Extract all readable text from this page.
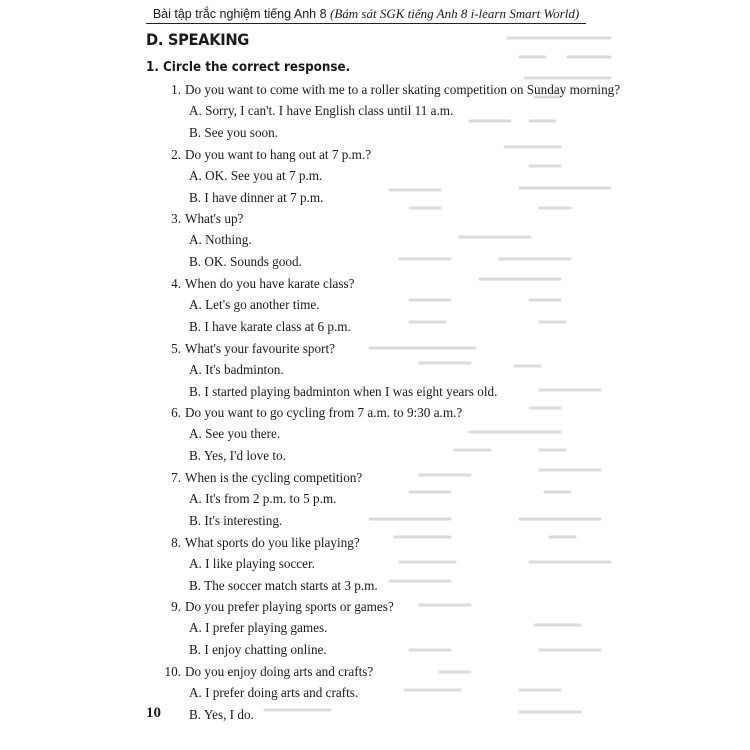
Bài tập trắc nghiệm tiếng Anh 8 (Bám sát SGK tiếng Anh 8 i-learn Smart World)
D. SPEAKING
1. Circle the correct response.
1. Do you want to come with me to a roller skating competition on Sunday morning?
A. Sorry, I can't. I have English class until 11 a.m.
B. See you soon.
2. Do you want to hang out at 7 p.m.?
A. OK. See you at 7 p.m.
B. I have dinner at 7 p.m.
3. What's up?
A. Nothing.
B. OK. Sounds good.
4. When do you have karate class?
A. Let's go another time.
B. I have karate class at 6 p.m.
5. What's your favourite sport?
A. It's badminton.
B. I started playing badminton when I was eight years old.
6. Do you want to go cycling from 7 a.m. to 9:30 a.m.?
A. See you there.
B. Yes, I'd love to.
7. When is the cycling competition?
A. It's from 2 p.m. to 5 p.m.
B. It's interesting.
8. What sports do you like playing?
A. I like playing soccer.
B. The soccer match starts at 3 p.m.
9. Do you prefer playing sports or games?
A. I prefer playing games.
B. I enjoy chatting online.
10. Do you enjoy doing arts and crafts?
A. I prefer doing arts and crafts.
B. Yes, I do.
10
